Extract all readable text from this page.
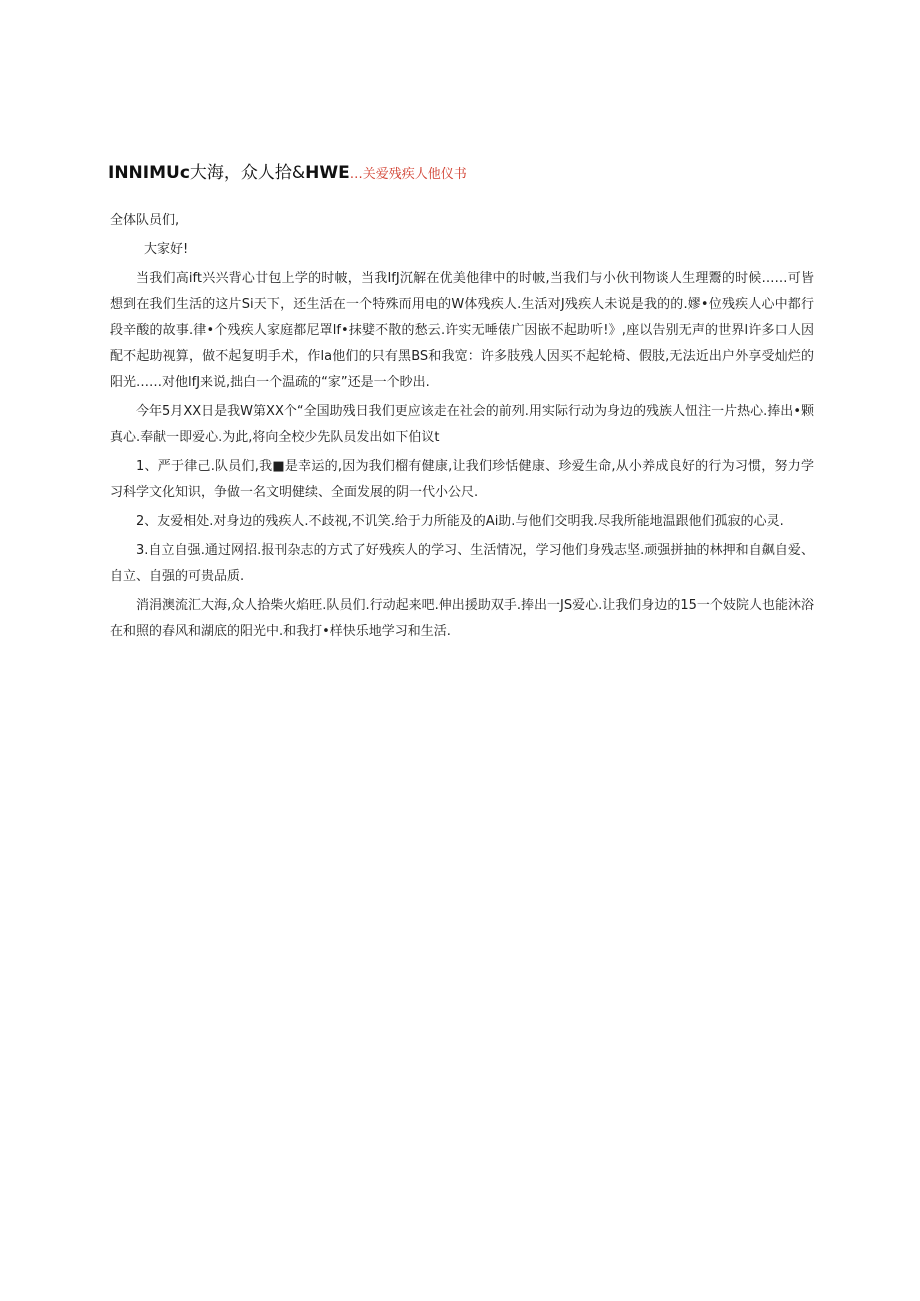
INNIMUc大海，众人拾&HWE…关爱残疾人他仪书

全体队员们,

大家好!

当我们高ift兴兴背心廿包上学的时帔，当我IfJ沉解在优美他律中的时帔,当我们与小伙刊物谈人生理鬻的时候……可皆想到在我们生活的这片Si天下，还生活在一个特殊而用电的W体残疾人.生活对J残疾人未说是我的的.嫪•位残疾人心中都行段辛酸的故事.律•个残疾人家庭都尼罩lf•抹嬖不散的愁云.许实无唾俵广因嵌不起助听!》,座以告别无声的世界l许多口人因配不起助视算，做不起复明手术，作la他们的只有黑BS和我宽：许多肢残人因买不起轮椅、假肢,无法近出户外享受灿烂的阳光……对他lfJ来说,拙白一个温疏的“家”还是一个眇出.

今年5月XX日是我W第XX个“全国助残日我们更应该走在社会的前列.用实际行动为身边的残族人忸注一片热心.捧出•颗真心.奉献一即爱心.为此,将向全校少先队员发出如下伯议t

1、严于律己.队员们,我■是幸运的,因为我们榴有健康,让我们珍恬健康、珍爱生命,从小养成良好的行为习惯，努力学习科学文化知识，争做一名文明健续、全面发展的阴一代小公尺.

2、友爱相处.对身边的残疾人.不歧视,不讥笑.给于力所能及的Ai助.与他们交明我.尽我所能地温跟他们孤寂的心灵.

3.自立自强.通过网招.报刊杂志的方式了好残疾人的学习、生活情况，学习他们身残志坚.顽强拼抽的林押和自飙自爱、自立、自强的可贵品质.

消涓澳流汇大海,众人拾柴火焰旺.队员们.行动起来吧.伸出援助双手.捧出一JS爱心.让我们身边的15一个妓院人也能沐浴在和照的春风和湖底的阳光中.和我打•样快乐地学习和生活.
